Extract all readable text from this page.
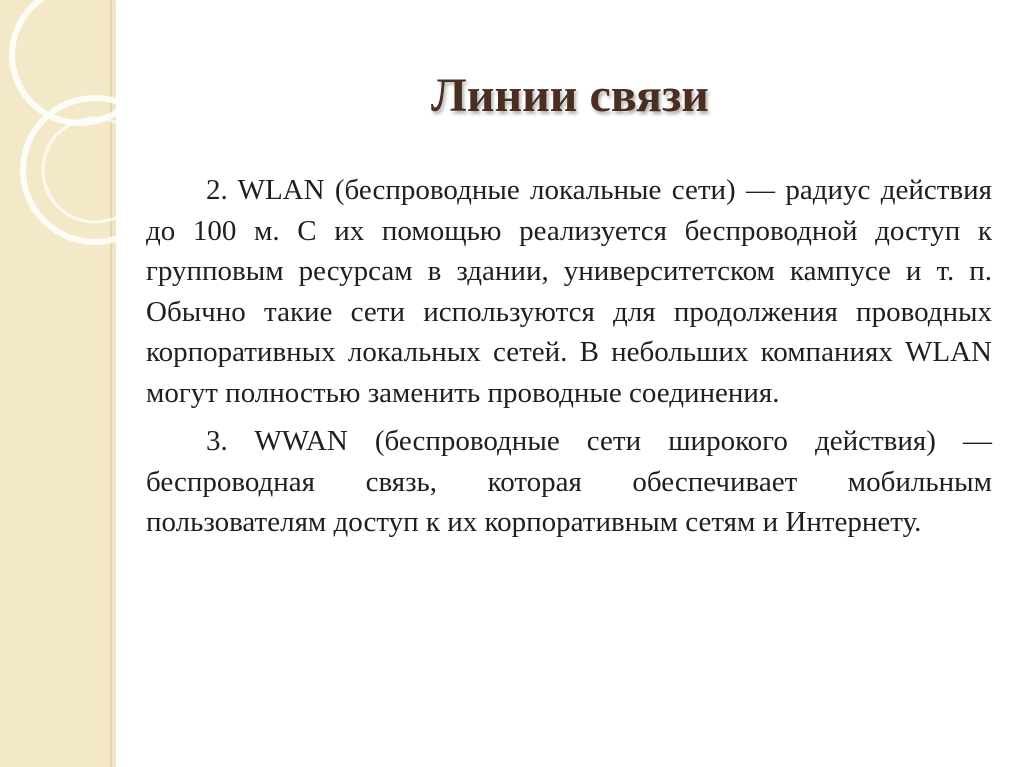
Линии связи

2. WLAN (беспроводные локальные сети) — радиус действия до 100 м. С их помощью реализуется беспроводной доступ к групповым ресурсам в здании, университетском кампусе и т. п. Обычно такие сети используются для продолжения проводных корпоративных локальных сетей. В небольших компаниях WLAN могут полностью заменить проводные соединения.

3. WWAN (беспроводные сети широкого действия) — беспроводная связь, которая обеспечивает мобильным пользователям доступ к их корпоративным сетям и Интернету.
